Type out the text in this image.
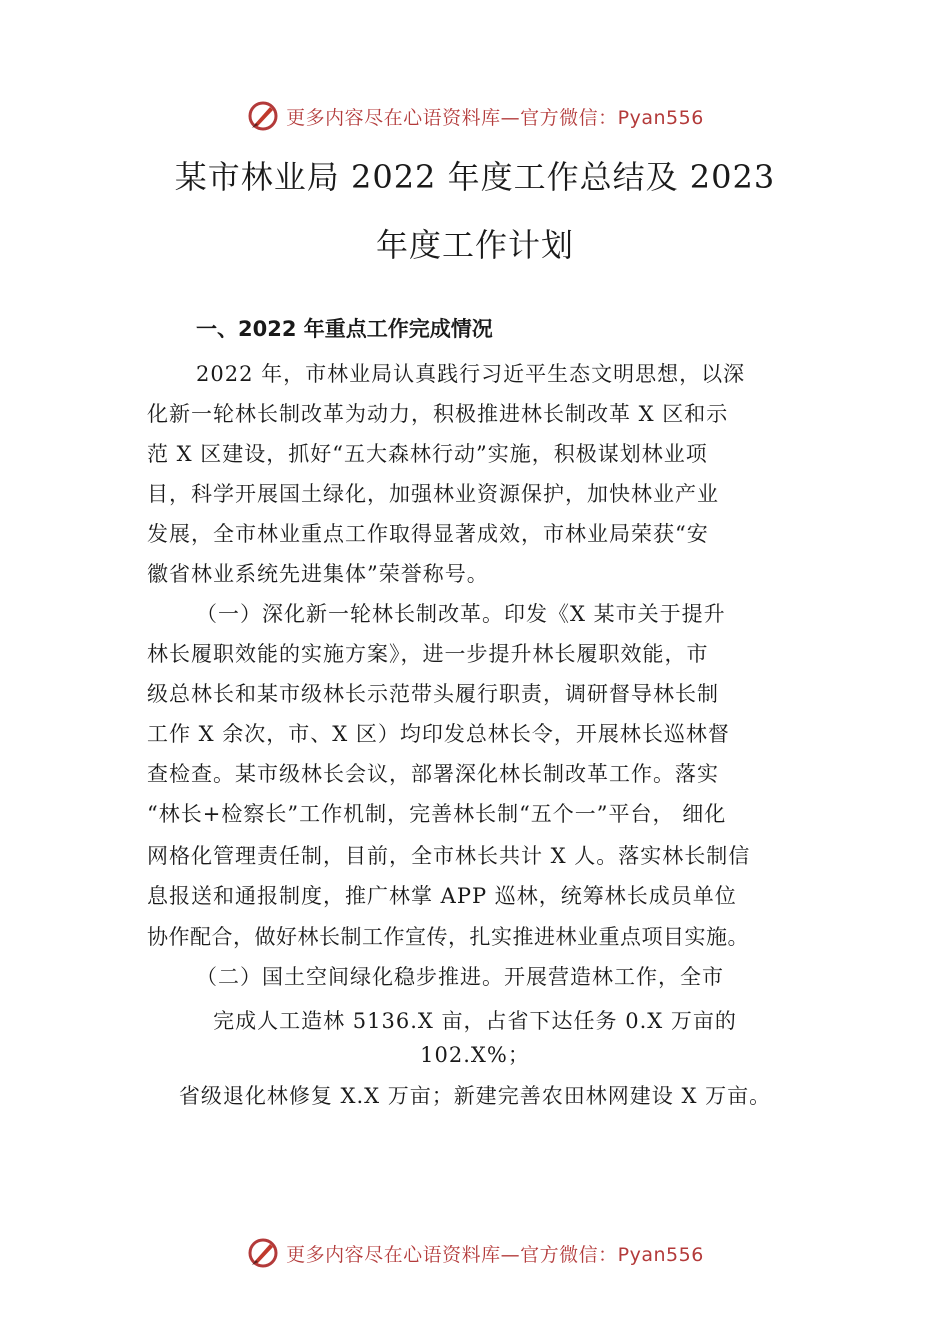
更多内容尽在心语资料库—官方微信：Pyan556
某市林业局 2022 年度工作总结及 2023
年度工作计划
一、2022 年重点工作完成情况
2022 年，市林业局认真践行习近平生态文明思想，以深
化新一轮林长制改革为动力，积极推进林长制改革 X 区和示
范 X 区建设，抓好“五大森林行动”实施，积极谋划林业项
目，科学开展国土绿化，加强林业资源保护，加快林业产业
发展，全市林业重点工作取得显著成效，市林业局荣获“安
徽省林业系统先进集体”荣誉称号。
（一）深化新一轮林长制改革。印发《X 某市关于提升
林长履职效能的实施方案》，进一步提升林长履职效能，市
级总林长和某市级林长示范带头履行职责，调研督导林长制
工作 X 余次，市、X 区）均印发总林长令，开展林长巡林督
查检查。某市级林长会议，部署深化林长制改革工作。落实
“林长+检察长”工作机制，完善林长制“五个一”平台， 细化
网格化管理责任制，目前，全市林长共计 X 人。落实林长制信
息报送和通报制度，推广林掌 APP 巡林，统筹林长成员单位
协作配合，做好林长制工作宣传，扎实推进林业重点项目实施。
（二）国土空间绿化稳步推进。开展营造林工作，全市
完成人工造林 5136.X 亩，占省下达任务 0.X 万亩的
102.X%；
省级退化林修复 X.X 万亩；新建完善农田林网建设 X 万亩。
更多内容尽在心语资料库—官方微信：Pyan556
